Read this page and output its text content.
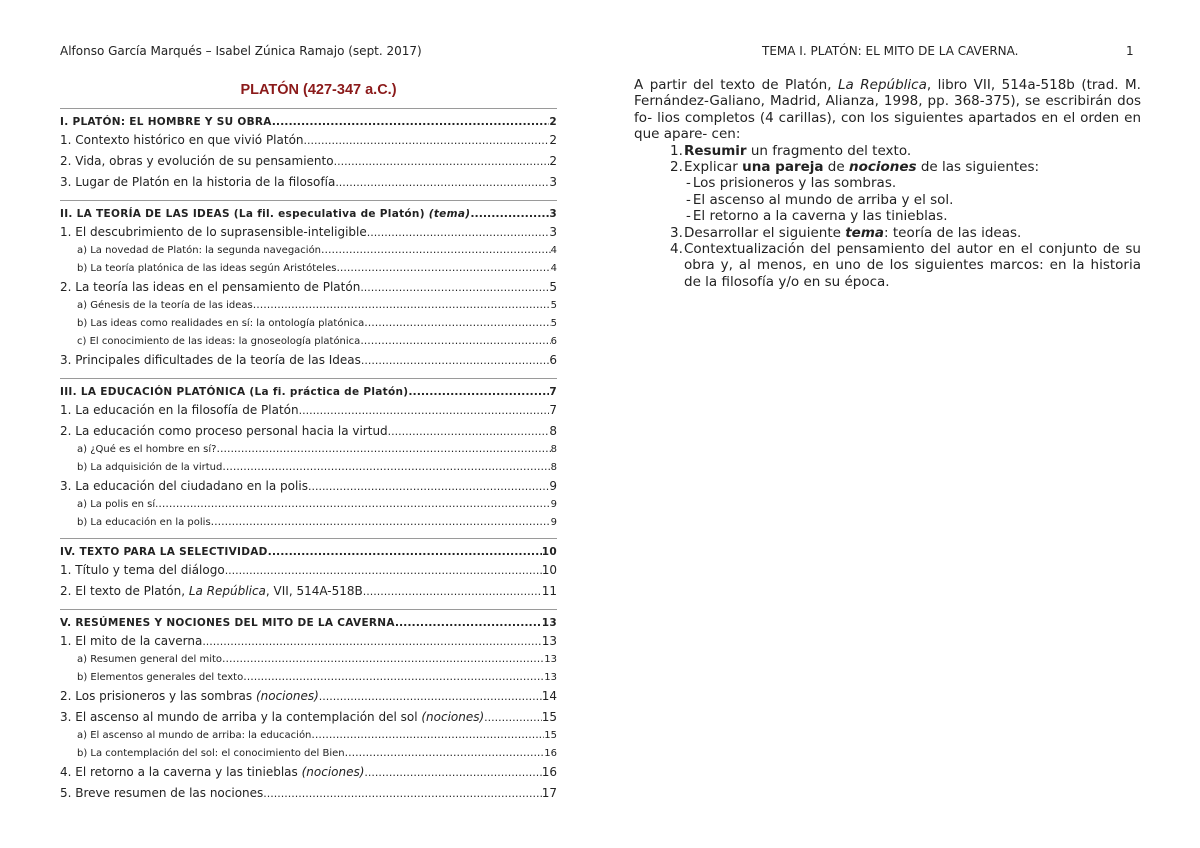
Alfonso García Marqués – Isabel Zúnica Ramajo (sept. 2017)	TEMA I. PLATÓN: EL MITO DE LA CAVERNA.	1
PLATÓN (427-347 a.C.)
I. PLATÓN: EL HOMBRE Y SU OBRA .....	2
1. Contexto histórico en que vivió Platón .....	2
2. Vida, obras y evolución de su pensamiento .....	2
3. Lugar de Platón en la historia de la filosofía .....	3
II. LA TEORÍA DE LAS IDEAS (La fil. especulativa de Platón) (tema) .....	3
1. El descubrimiento de lo suprasensible-inteligible .....	3
a) La novedad de Platón: la segunda navegación .....	4
b) La teoría platónica de las ideas según Aristóteles .....	4
2. La teoría las ideas en el pensamiento de Platón .....	5
a) Génesis de la teoría de las ideas .....	5
b) Las ideas como realidades en sí: la ontología platónica .....	5
c) El conocimiento de las ideas: la gnoseología platónica .....	6
3. Principales dificultades de la teoría de las Ideas .....	6
III. LA EDUCACIÓN PLATÓNICA (La fi. práctica de Platón) .....	7
1. La educación en la filosofía de Platón .....	7
2. La educación como proceso personal hacia la virtud .....	8
a) ¿Qué es el hombre en sí? .....	8
b) La adquisición de la virtud .....	8
3. La educación del ciudadano en la polis .....	9
a) La polis en sí. .....	9
b) La educación en la polis .....	9
IV. TEXTO PARA LA SELECTIVIDAD .....	10
1. Título y tema del diálogo .....	10
2. El texto de Platón, La República, VII, 514A-518B .....	11
V. RESÚMENES Y NOCIONES DEL MITO DE LA CAVERNA .....	13
1. El mito de la caverna .....	13
a) Resumen general del mito .....	13
b) Elementos generales del texto .....	13
2. Los prisioneros y las sombras (nociones) .....	14
3. El ascenso al mundo de arriba y la contemplación del sol (nociones) .....	15
a) El ascenso al mundo de arriba: la educación .....	15
b) La contemplación del sol: el conocimiento del Bien .....	16
4. El retorno a la caverna y las tinieblas (nociones) .....	16
5. Breve resumen de las nociones .....	17

A partir del texto de Platón, La República, libro VII, 514a-518b (trad. M. Fernández-Galiano, Madrid, Alianza, 1998, pp. 368-375), se escribirán dos fo- lios completos (4 carillas), con los siguientes apartados en el orden en que apare- cen:

1.Resumir un fragmento del texto.
2.Explicar una pareja de nociones de las siguientes:
- Los prisioneros y las sombras.
- El ascenso al mundo de arriba y el sol.
- El retorno a la caverna y las tinieblas.
3.Desarrollar el siguiente tema: teoría de las ideas.
4. Contextualización del pensamiento del autor en el conjunto de su obra y, al menos, en uno de los siguientes marcos: en la historia de la filosofía y/o en su época.
